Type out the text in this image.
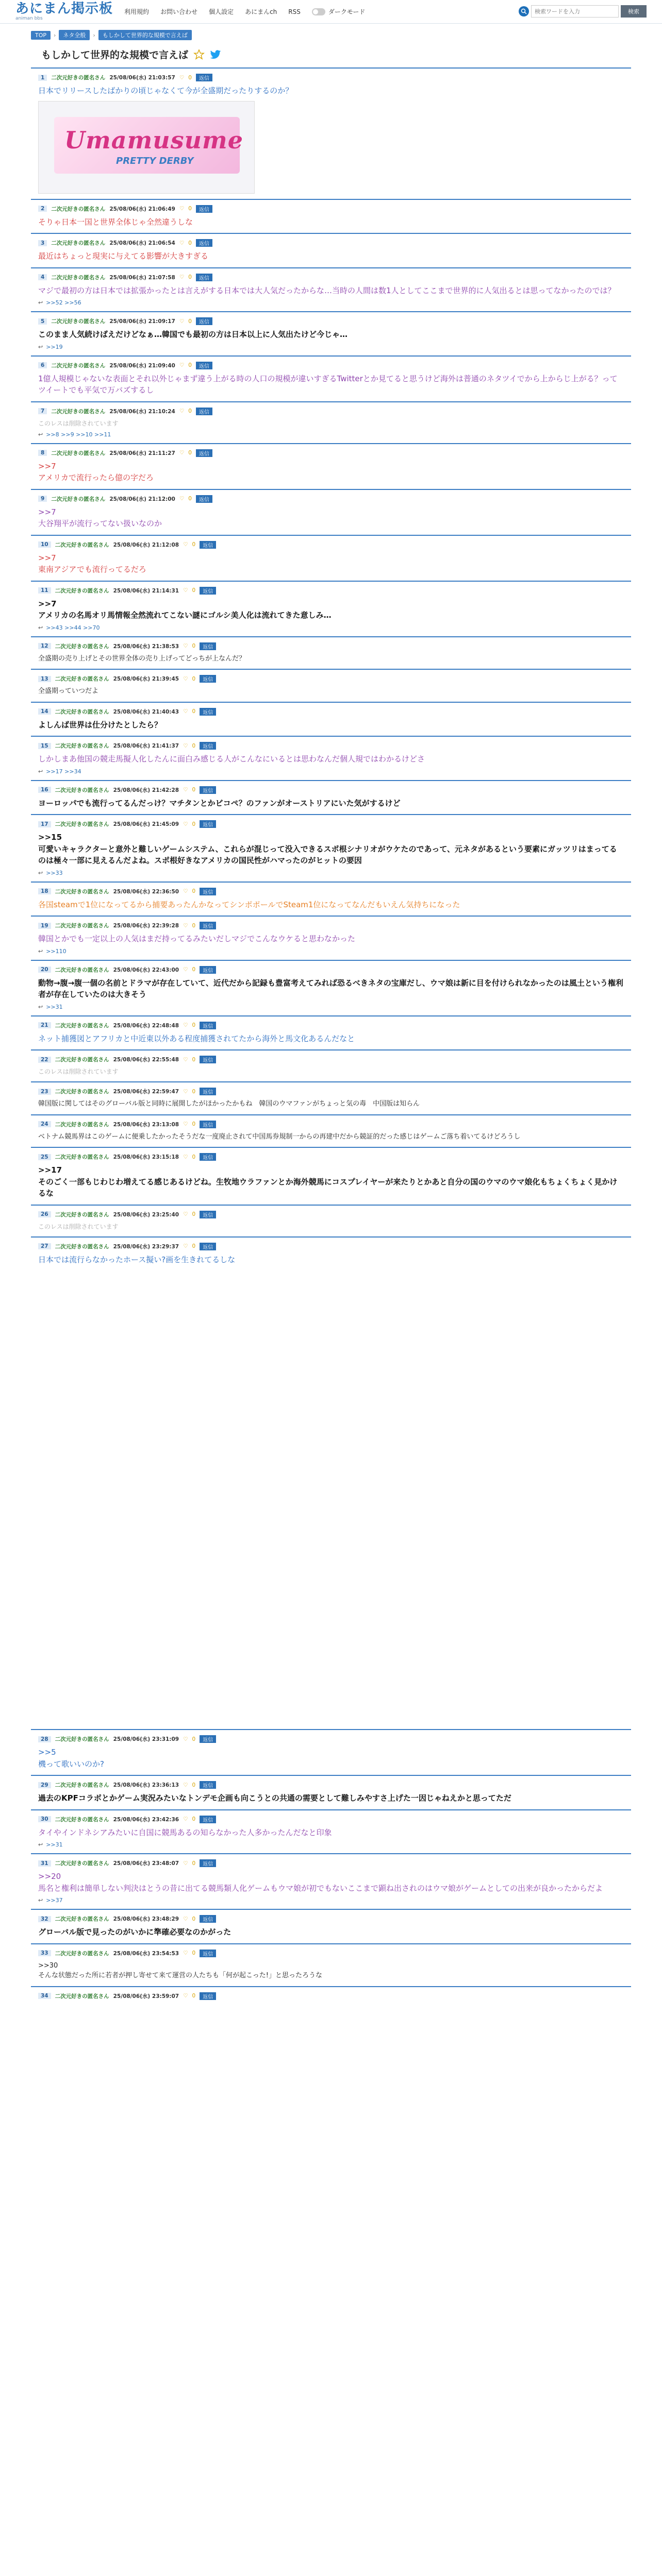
あにまん掲示板
animan bbs
利用規約 お問い合わせ 個人設定 あにまんch RSS	ダークモード
検索ワードを入力	検索
TOP	›	ネタ全般	›	もしかして世界的な規模で言えば
もしかして世界的な規模で言えば
1	二次元好きの匿名さん 25/08/06(水) 21:03:57 ♡ 0	返信
日本でリリースしたばかりの頃じゃなくて今が全盛期だったりするのか？
Umamusume
PRETTY DERBY
2	二次元好きの匿名さん 25/08/06(水) 21:06:49 ♡ 0	返信
そりゃ日本一国と世界全体じゃ全然違うしな
3	二次元好きの匿名さん 25/08/06(水) 21:06:54 ♡ 0	返信
最近はちょっと現実に与えてる影響が大きすぎる
4	二次元好きの匿名さん 25/08/06(水) 21:07:58 ♡ 0	返信
マジで最初の方は日本では拡張かったとは言えがする日本では大人気だったからな…当時の人間は数1人としてここまで世界的に人気出るとは思ってなかったのでは？
↩ >>52 >>56
5	二次元好きの匿名さん 25/08/06(水) 21:09:17 ♡ 0	返信
このまま人気続けばえだけどなぁ…韓国でも最初の方は日本以上に人気出たけど今じゃ…
↩ >>19
6	二次元好きの匿名さん 25/08/06(水) 21:09:40 ♡ 0	返信
1億人規模じゃないな表面とそれ以外じゃまず違う上がる時の人口の規模が違いすぎるTwitterとか見てると思うけど海外は普通のネタツイでから上からじ上がる？ってツイートでも平気で万バズするし
7	二次元好きの匿名さん 25/08/06(水) 21:10:24 ♡ 0	返信
このレスは削除されています
↩ >>8 >>9 >>10 >>11
8	二次元好きの匿名さん 25/08/06(水) 21:11:27 ♡ 0	返信
>>7
アメリカで流行ったら億の字だろ
9	二次元好きの匿名さん 25/08/06(水) 21:12:00 ♡ 0	返信
>>7
大谷翔平が流行ってない扱いなのか
10	二次元好きの匿名さん 25/08/06(水) 21:12:08 ♡ 0	返信
>>7
東南アジアでも流行ってるだろ
11	二次元好きの匿名さん 25/08/06(水) 21:14:31 ♡ 0	返信
>>7
アメリカの名馬オリ馬情報全然流れてこない謎にゴルシ美人化は流れてきた意しみ…
↩ >>43 >>44 >>70
12	二次元好きの匿名さん 25/08/06(水) 21:38:53 ♡ 0	返信
全盛期の売り上げとその世界全体の売り上げってどっちが上なんだ？
13	二次元好きの匿名さん 25/08/06(水) 21:39:45 ♡ 0	返信
全盛期っていつだよ
14	二次元好きの匿名さん 25/08/06(水) 21:40:43 ♡ 0	返信
よしんば世界は仕分けたとしたら？
15	二次元好きの匿名さん 25/08/06(水) 21:41:37 ♡ 0	返信
しかしまあ他国の競走馬擬人化したんに面白み感じる人がこんなにいるとは思わなんだ個人規ではわかるけどさ
↩ >>17 >>34
16	二次元好きの匿名さん 25/08/06(水) 21:42:28 ♡ 0	返信
ヨーロッパでも流行ってるんだっけ？マチタンとかビコペ？のファンがオーストリアにいた気がするけど
17	二次元好きの匿名さん 25/08/06(水) 21:45:09 ♡ 0	返信
>>15
可愛いキャラクターと意外と難しいゲームシステム、これらが混じって没入できるスポ根シナリオがウケたのであって、元ネタがあるという要素にガッツリはまってるのは極々一部に見えるんだよね。スポ根好きなアメリカの国民性がハマったのがヒットの要因
↩ >>33
18	二次元好きの匿名さん 25/08/06(水) 22:36:50 ♡ 0	返信
各国steamで1位になってるから捕要あったんかなってシンポポールでSteam1位になってなんだもいえん気持ちになった
19	二次元好きの匿名さん 25/08/06(水) 22:39:28 ♡ 0	返信
韓国とかでも一定以上の人気はまだ持ってるみたいだしマジでこんなウケると思わなかった
↩ >>110
20	二次元好きの匿名さん 25/08/06(水) 22:43:00 ♡ 0	返信
動物→腹→腹一個の名前とドラマが存在していて、近代だから記録も豊富考えてみれば恐るべきネタの宝庫だし、ウマ娘は新に目を付けられなかったのは風土という権利者が存在していたのは大きそう
↩ >>31
21	二次元好きの匿名さん 25/08/06(水) 22:48:48 ♡ 0	返信
ネット捕獲図とアフリカと中近東以外ある程度捕獲されてたから海外と馬文化あるんだなと
22	二次元好きの匿名さん 25/08/06(水) 22:55:48 ♡ 0	返信
このレスは削除されています
23	二次元好きの匿名さん 25/08/06(水) 22:59:47 ♡ 0	返信
韓国版に関してはそのグローバル版と同時に展開したがほかったかもね　韓国のウマファンがちょっと気の毒　中国版は知らん
24	二次元好きの匿名さん 25/08/06(水) 23:13:08 ♡ 0	返信
ベトナム競馬界はこのゲームに便乗したかったそうだな一度廃止されて中国馬券規制一からの再建中だから競証的だった感じはゲームご落ち着いてるけどろうし
25	二次元好きの匿名さん 25/08/06(水) 23:15:18 ♡ 0	返信
>>17
そのごく一部もじわじわ増えてる感じあるけどね。生牧地ウラファンとか海外競馬にコスプレイヤーが来たりとかあと自分の国のウマのウマ娘化もちょくちょく見かけるな
26	二次元好きの匿名さん 25/08/06(水) 23:25:40 ♡ 0	返信
このレスは削除されています
27	二次元好きの匿名さん 25/08/06(水) 23:29:37 ♡ 0	返信
日本では流行らなかったホース擬い?画を生きれてるしな
28	二次元好きの匿名さん 25/08/06(水) 23:31:09 ♡ 0	返信
>>5
機って歌いいのか?
29	二次元好きの匿名さん 25/08/06(水) 23:36:13 ♡ 0	返信
過去のKPFコラボとかゲーム実況みたいなトンデモ企画も向こうとの共通の需要として難しみやすさ上げた一因じゃねえかと思ってただ
30	二次元好きの匿名さん 25/08/06(水) 23:42:36 ♡ 0	返信
タイやインドネシアみたいに自国に競馬あるの知らなかった人多かったんだなと印象
↩ >>31
31	二次元好きの匿名さん 25/08/06(水) 23:48:07 ♡ 0	返信
>>20
馬名と権利は簡単しない判決はとうの昔に出てる競馬類人化ゲームもウマ娘が初でもないここまで顕ね出されのはウマ娘がゲームとしての出来が良かったからだよ
↩ >>37
32	二次元好きの匿名さん 25/08/06(水) 23:48:29 ♡ 0	返信
グローバル版で見ったのがいかに準確必要なのかがった
33	二次元好きの匿名さん 25/08/06(水) 23:54:53 ♡ 0	返信
>>30
そんな状態だった所に若者が押し寄せて来て運営の人たちも「何が起こった!」と思ったろうな
34	二次元好きの匿名さん 25/08/06(水) 23:59:07 ♡ 0	返信
